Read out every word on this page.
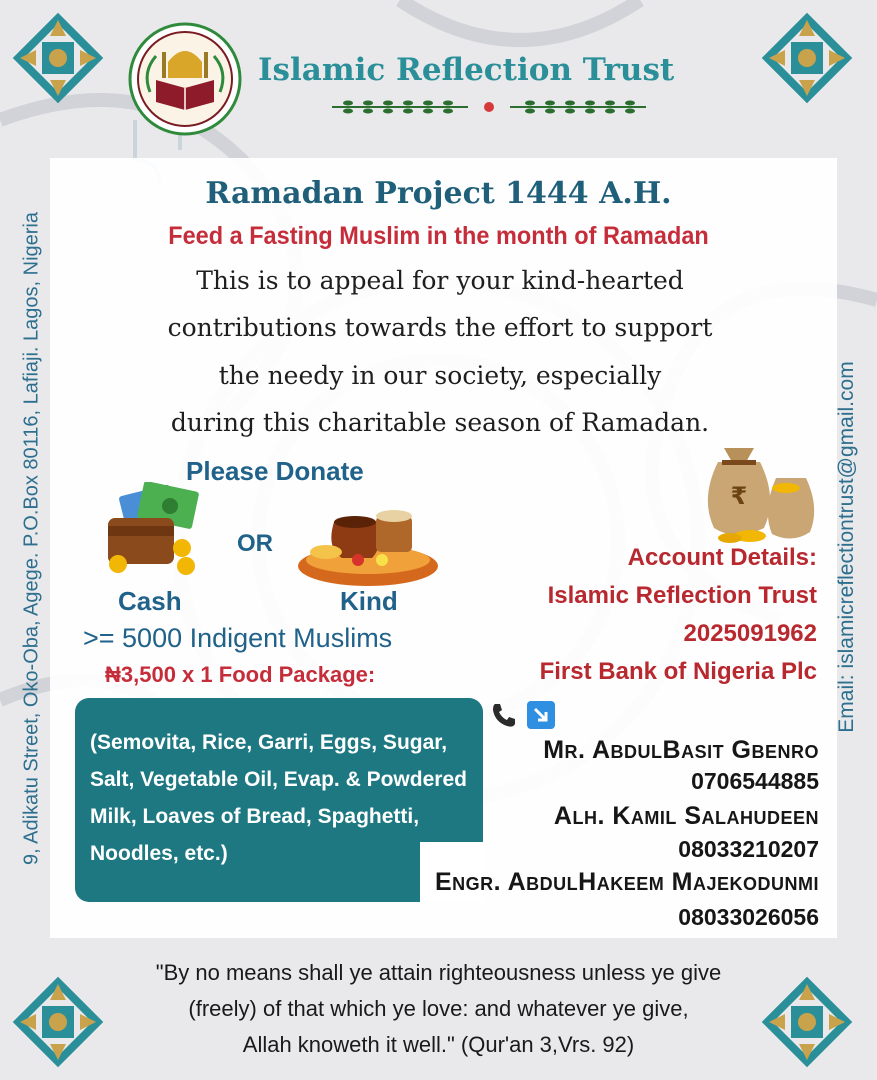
Islamic Reflection Trust
Ramadan Project 1444 A.H.

Feed a Fasting Muslim in the month of Ramadan

This is to appeal for your kind-hearted

contributions towards the effort to support

the needy in our society, especially

during this charitable season of Ramadan.

Please Donate

OR

Cash	Kind

>= 5000 Indigent Muslims

₦3,500 x 1 Food Package:

₹

Account Details:

Islamic Reflection Trust

2025091962

First Bank of Nigeria Plc

(Semovita, Rice, Garri, Eggs, Sugar, Salt, Vegetable Oil, Evap. & Powdered Milk, Loaves of Bread, Spaghetti, Noodles, etc.)

Mr. AbdulBasit Gbenro

0706544885

Alh. Kamil Salahudeen

08033210207

Engr. AbdulHakeem Majekodunmi

08033026056

9, Adikatu Street, Oko-Oba, Agege. P.O.Box 80116, Lafiaji. Lagos, Nigeria	Email: islamicreflectiontrust@gmail.com

"By no means shall ye attain righteousness unless ye give
(freely) of that which ye love: and whatever ye give,
Allah knoweth it well." (Qur'an 3,Vrs. 92)
